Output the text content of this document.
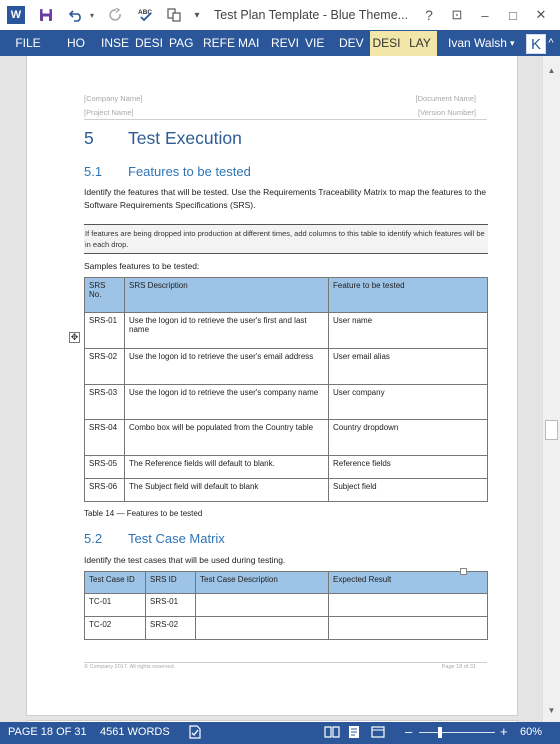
W	▾	ABC	▾ Test Plan Template - Blue Theme...	?	⊡	–	□	✕
FILE	HO INSE DESI PAG REFE MAI REVI VIE DEV DESI LAY	Ivan Walsh ▾	K ^
[Company Name]
[Project Name]
[Document Name]
[Version Number]
5 Test Execution
5.1 Features to be tested
Identify the features that will be tested. Use the Requirements Traceability Matrix to map the features to the Software Requirements Specifications (SRS).
If features are being dropped into production at different times, add columns to this table to identify which features will be in each drop.
Samples features to be tested:
SRS No.	SRS Description	Feature to be tested
SRS-01	Use the logon id to retrieve the user's first and last name	User name
SRS-02	Use the logon id to retrieve the user's email address	User email alias
SRS-03	Use the logon id to retrieve the user's company name	User company
SRS-04	Combo box will be populated from the Country table	Country dropdown
SRS-05	The Reference fields will default to blank.	Reference fields
SRS-06	The Subject field will default to blank	Subject field
Table 14 — Features to be tested
5.2 Test Case Matrix
Identify the test cases that will be used during testing.
Test Case ID	SRS ID	Test Case Description	Expected Result
TC-01	SRS-01		
TC-02	SRS-02		
© Company 2017. All rights reserved.	Page 18 of 31
✥
▲
▼
PAGE 18 OF 31 4561 WORDS	–	+ 60%
